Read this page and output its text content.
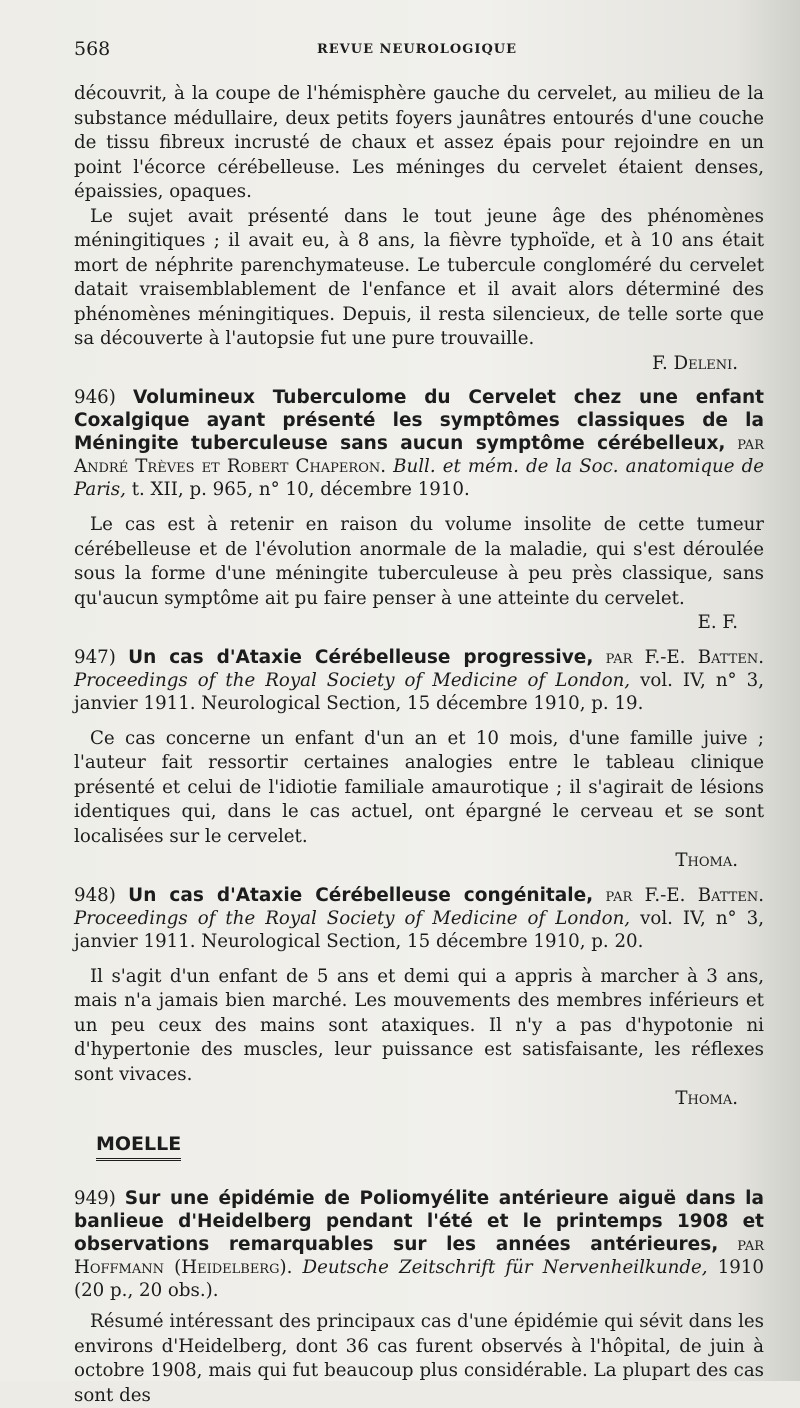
568	REVUE NEUROLOGIQUE

découvrit, à la coupe de l'hémisphère gauche du cervelet, au milieu de la substance médullaire, deux petits foyers jaunâtres entourés d'une couche de tissu fibreux incrusté de chaux et assez épais pour rejoindre en un point l'écorce cérébelleuse. Les méninges du cervelet étaient denses, épaissies, opaques.

Le sujet avait présenté dans le tout jeune âge des phénomènes méningitiques ; il avait eu, à 8 ans, la fièvre typhoïde, et à 10 ans était mort de néphrite parenchymateuse. Le tubercule congloméré du cervelet datait vraisemblablement de l'enfance et il avait alors déterminé des phénomènes méningitiques. Depuis, il resta silencieux, de telle sorte que sa découverte à l'autopsie fut une pure trouvaille.

F. Deleni.

946) Volumineux Tuberculome du Cervelet chez une enfant Coxalgique ayant présenté les symptômes classiques de la Méningite tuberculeuse sans aucun symptôme cérébelleux, par André Trèves et Robert Chaperon. Bull. et mém. de la Soc. anatomique de Paris, t. XII, p. 965, n° 10, décembre 1910.

Le cas est à retenir en raison du volume insolite de cette tumeur cérébelleuse et de l'évolution anormale de la maladie, qui s'est déroulée sous la forme d'une méningite tuberculeuse à peu près classique, sans qu'aucun symptôme ait pu faire penser à une atteinte du cervelet.

E. F.

947) Un cas d'Ataxie Cérébelleuse progressive, par F.-E. Batten. Proceedings of the Royal Society of Medicine of London, vol. IV, n° 3, janvier 1911. Neurological Section, 15 décembre 1910, p. 19.

Ce cas concerne un enfant d'un an et 10 mois, d'une famille juive ; l'auteur fait ressortir certaines analogies entre le tableau clinique présenté et celui de l'idiotie familiale amaurotique ; il s'agirait de lésions identiques qui, dans le cas actuel, ont épargné le cerveau et se sont localisées sur le cervelet.

Thoma.

948) Un cas d'Ataxie Cérébelleuse congénitale, par F.-E. Batten. Proceedings of the Royal Society of Medicine of London, vol. IV, n° 3, janvier 1911. Neurological Section, 15 décembre 1910, p. 20.

Il s'agit d'un enfant de 5 ans et demi qui a appris à marcher à 3 ans, mais n'a jamais bien marché. Les mouvements des membres inférieurs et un peu ceux des mains sont ataxiques. Il n'y a pas d'hypotonie ni d'hypertonie des muscles, leur puissance est satisfaisante, les réflexes sont vivaces.

Thoma.

MOELLE

949) Sur une épidémie de Poliomyélite antérieure aiguë dans la banlieue d'Heidelberg pendant l'été et le printemps 1908 et observations remarquables sur les années antérieures, par Hoffmann (Heidelberg). Deutsche Zeitschrift für Nervenheilkunde, 1910 (20 p., 20 obs.).

Résumé intéressant des principaux cas d'une épidémie qui sévit dans les environs d'Heidelberg, dont 36 cas furent observés à l'hôpital, de juin à octobre 1908, mais qui fut beaucoup plus considérable. La plupart des cas sont des
